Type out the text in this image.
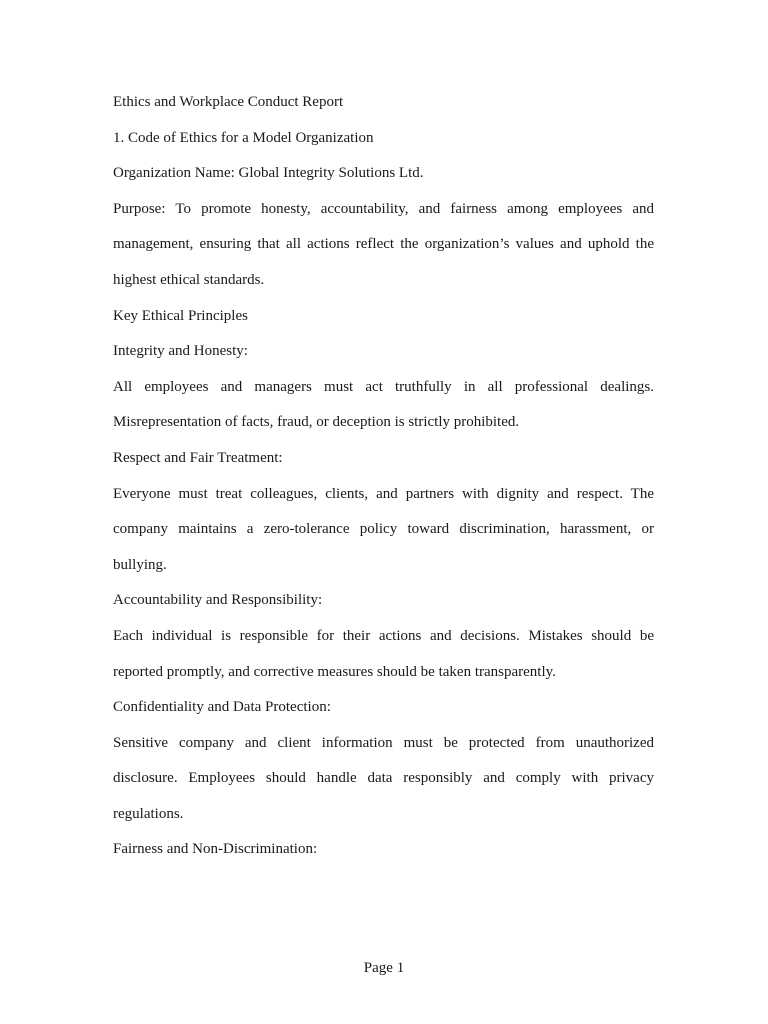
Ethics and Workplace Conduct Report

1. Code of Ethics for a Model Organization

Organization Name: Global Integrity Solutions Ltd.

Purpose: To promote honesty, accountability, and fairness among employees and management, ensuring that all actions reflect the organization’s values and uphold the highest ethical standards.

Key Ethical Principles

Integrity and Honesty:

All employees and managers must act truthfully in all professional dealings. Misrepresentation of facts, fraud, or deception is strictly prohibited.

Respect and Fair Treatment:

Everyone must treat colleagues, clients, and partners with dignity and respect. The company maintains a zero-tolerance policy toward discrimination, harassment, or bullying.

Accountability and Responsibility:

Each individual is responsible for their actions and decisions. Mistakes should be reported promptly, and corrective measures should be taken transparently.

Confidentiality and Data Protection:

Sensitive company and client information must be protected from unauthorized disclosure. Employees should handle data responsibly and comply with privacy regulations.

Fairness and Non-Discrimination:

Page 1
